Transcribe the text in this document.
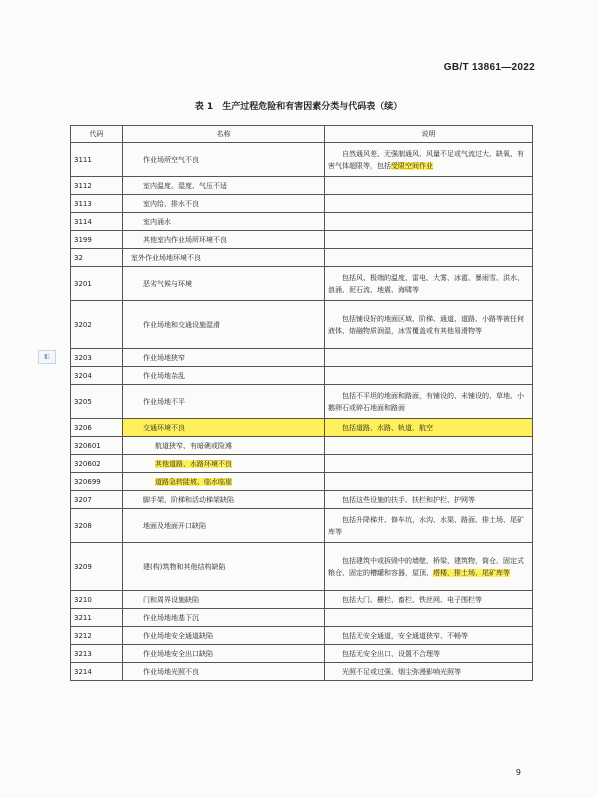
◧
GB/T 13861—2022
表 1　生产过程危险和有害因素分类与代码表（续）
代码	名称	说明
3111	作业场所空气不良	自然通风差、无强制通风、风量不足或气流过大、缺氧、有害气体超限等，包括受限空间作业
3112	室内温度、湿度、气压不适	
3113	室内给、排水不良	
3114	室内涌水	
3199	其他室内作业场所环境不良	
32	室外作业场地环境不良	
3201	恶劣气候与环境	包括风、极端的温度、雷电、大雾、冰雹、暴雨雪、洪水、浪涌、泥石流、地震、海啸等
3202	作业场地和交通设施湿滑	包括铺设好的地面区域、阶梯、通道、道路、小路等被任何液体、熔融物质润湿，冰雪覆盖或有其他易滑物等
3203	作业场地狭窄	
3204	作业场地杂乱	
3205	作业场地不平	包括不平坦的地面和路面，有铺设的、未铺设的、草地、小鹅卵石或碎石地面和路面
3206	交通环境不良	包括道路、水路、轨道、航空
320601	航道狭窄、有暗礁或险滩	
320602	其他道路、水路环境不良	
320699	道路急转陡坡、临水临崖	
3207	脚手架、阶梯和活动梯架缺陷	包括这些设施的扶手、扶栏和护栏、护网等
3208	地面及地面开口缺陷	包括升降梯井、修车坑、水沟、水渠、路面、排土场、尾矿库等
3209	建(构)筑物和其他结构缺陷	包括建筑中或拆毁中的墙壁、桥梁、建筑物，筒仓、固定式粮仓、固定的槽罐和容器，屋顶、塔楼，排土场、尾矿库等
3210	门和周界设施缺陷	包括大门、栅栏、畜栏、铁丝网、电子围栏等
3211	作业场地地基下沉	
3212	作业场地安全通道缺陷	包括无安全通道，安全通道狭窄、不畅等
3213	作业场地安全出口缺陷	包括无安全出口、设置不合理等
3214	作业场地光照不良	光照不足或过强、烟尘弥漫影响光照等
9
